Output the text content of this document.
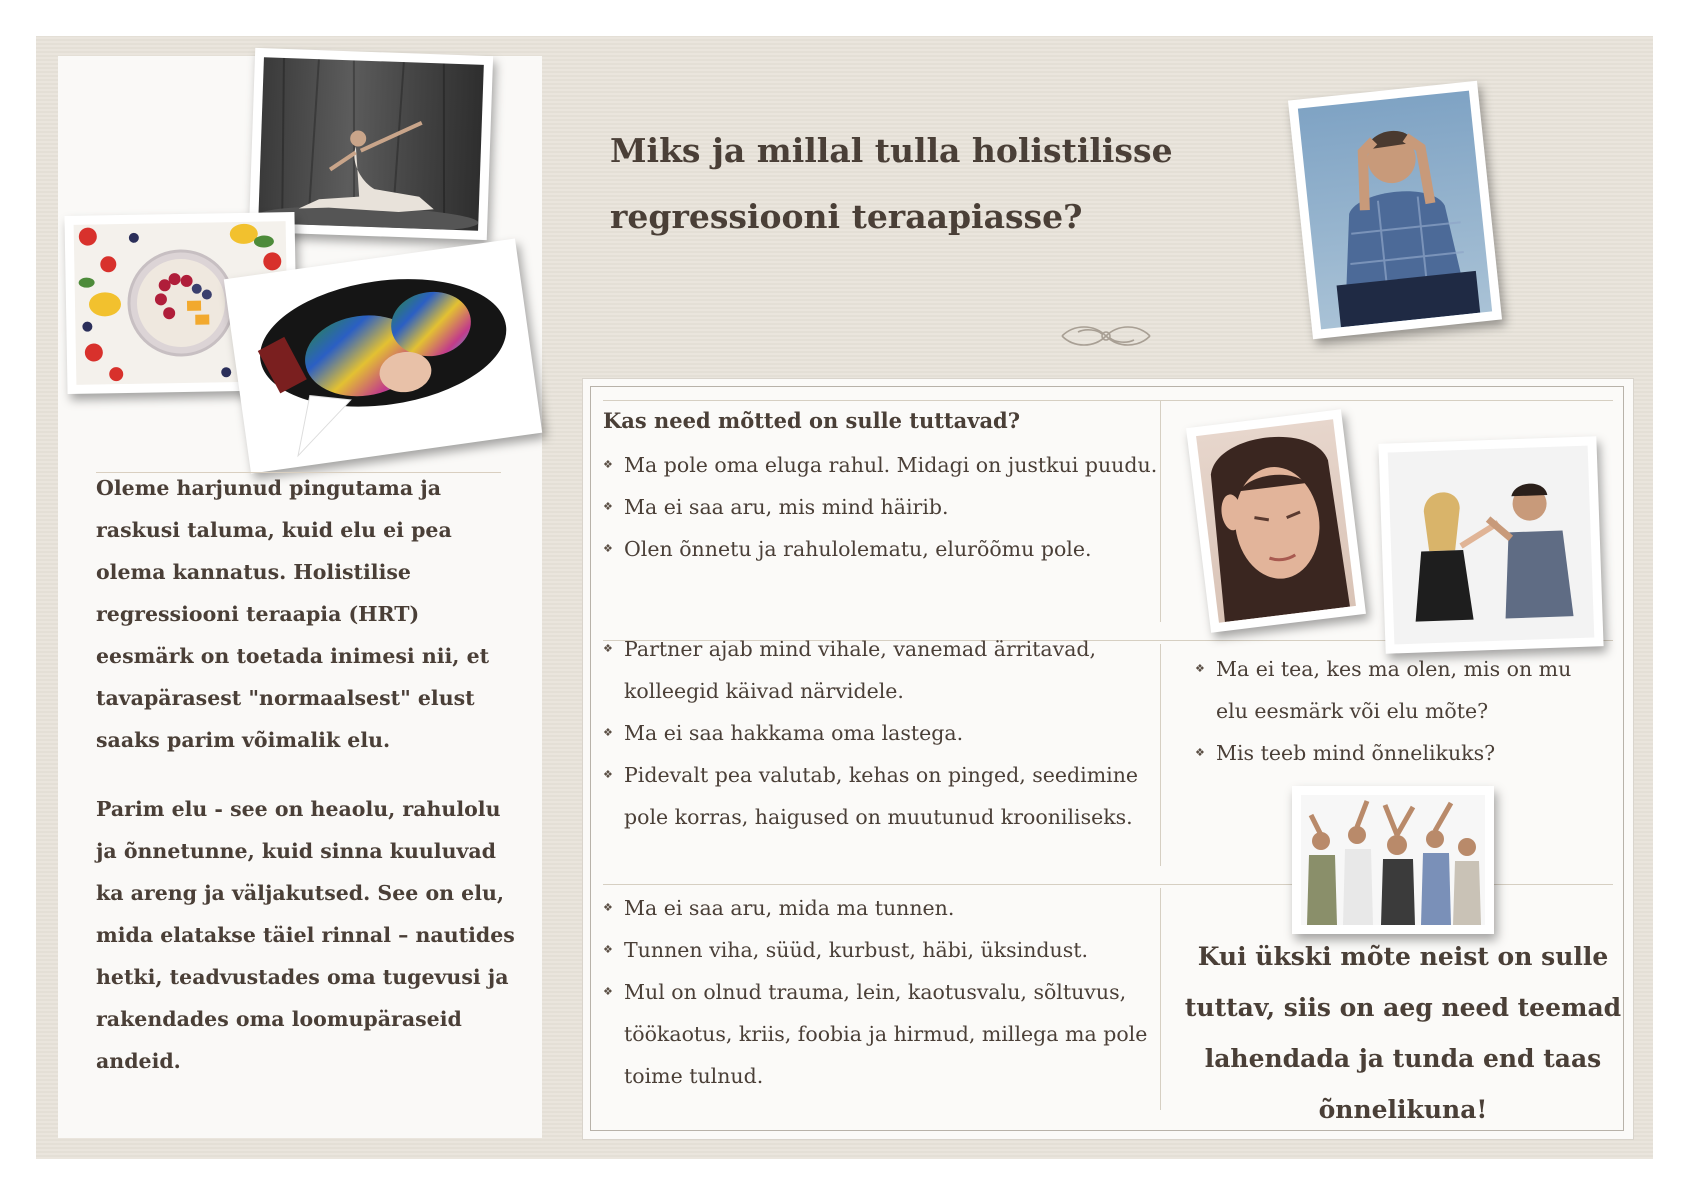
Oleme harjunud pingutama ja raskusi taluma, kuid elu ei pea olema kannatus. Holistilise regressiooni teraapia (HRT) eesmärk on toetada inimesi nii, et tavapärasest "normaalsest" elust saaks parim võimalik elu.

Parim elu - see on heaolu, rahulolu ja õnnetunne, kuid sinna kuuluvad ka areng ja väljakutsed. See on elu, mida elatakse täiel rinnal – nautides hetki, teadvustades oma tugevusi ja rakendades oma loomupäraseid andeid.

Miks ja millal tulla holistilisse
regressiooni teraapiasse?
Kas need mõtted on sulle tuttavad?
❖ Ma pole oma eluga rahul. Midagi on justkui puudu.
❖ Ma ei saa aru, mis mind häirib.
❖ Olen õnnetu ja rahulolematu, elurõõmu pole.
❖ Partner ajab mind vihale, vanemad ärritavad, kolleegid käivad närvidele.
❖ Ma ei saa hakkama oma lastega.
❖ Pidevalt pea valutab, kehas on pinged, seedimine pole korras, haigused on muutunud krooniliseks.
❖ Ma ei saa aru, mida ma tunnen.
❖ Tunnen viha, süüd, kurbust, häbi, üksindust.
❖ Mul on olnud trauma, lein, kaotusvalu, sõltuvus, töökaotus, kriis, foobia ja hirmud, millega ma pole toime tulnud.
❖ Ma ei tea, kes ma olen, mis on mu elu eesmärk või elu mõte?
❖ Mis teeb mind õnnelikuks?
Kui ükski mõte neist on sulle tuttav, siis on aeg need teemad lahendada ja tunda end taas õnnelikuna!
